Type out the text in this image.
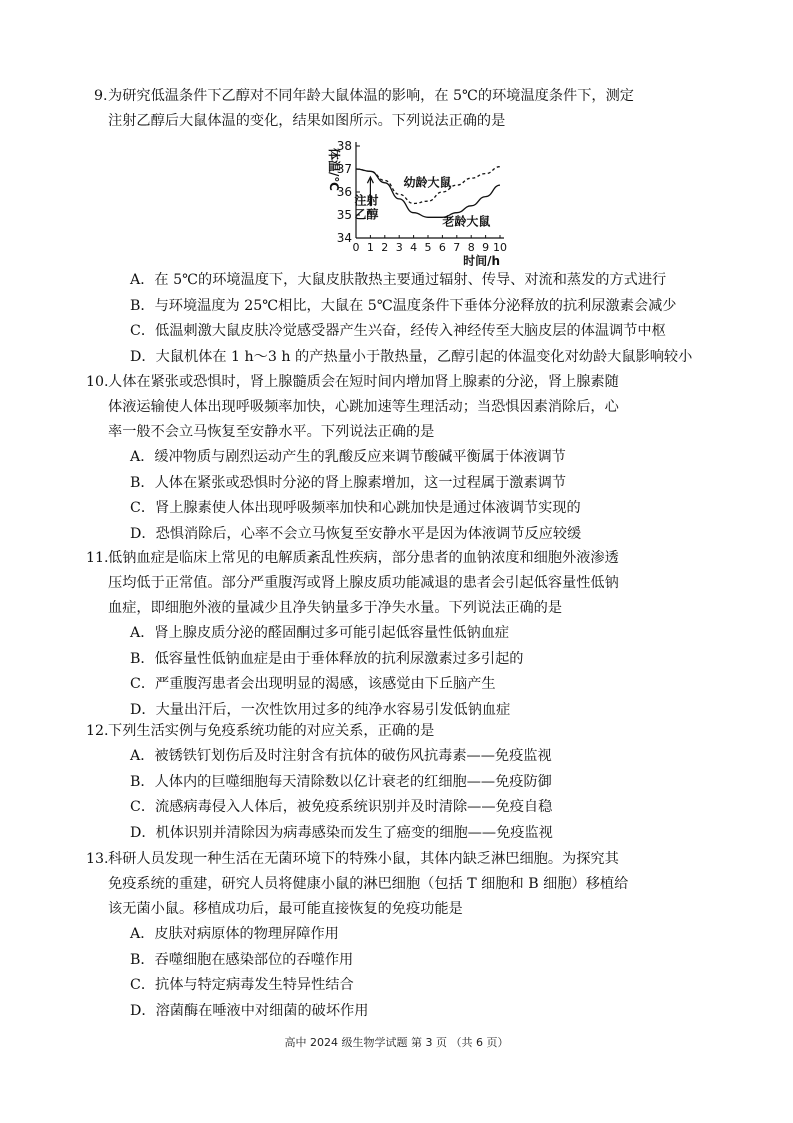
9. 为研究低温条件下乙醇对不同年龄大鼠体温的影响，在 5℃的环境温度条件下，测定
注射乙醇后大鼠体温的变化，结果如图所示。下列说法正确的是
34
35
36
37
38
0 1 2 3 4 5 6 7 8 9 10
幼龄大鼠
老龄大鼠
注射
乙醇
体温/℃
时间/h
A．在 5℃的环境温度下，大鼠皮肤散热主要通过辐射、传导、对流和蒸发的方式进行
B．与环境温度为 25℃相比，大鼠在 5℃温度条件下垂体分泌释放的抗利尿激素会减少
C．低温刺激大鼠皮肤冷觉感受器产生兴奋，经传入神经传至大脑皮层的体温调节中枢
D．大鼠机体在 1 h～3 h 的产热量小于散热量，乙醇引起的体温变化对幼龄大鼠影响较小
10. 人体在紧张或恐惧时，肾上腺髓质会在短时间内增加肾上腺素的分泌，肾上腺素随
体液运输使人体出现呼吸频率加快，心跳加速等生理活动；当恐惧因素消除后，心
率一般不会立马恢复至安静水平。下列说法正确的是
A．缓冲物质与剧烈运动产生的乳酸反应来调节酸碱平衡属于体液调节
B．人体在紧张或恐惧时分泌的肾上腺素增加，这一过程属于激素调节
C．肾上腺素使人体出现呼吸频率加快和心跳加快是通过体液调节实现的
D．恐惧消除后，心率不会立马恢复至安静水平是因为体液调节反应较缓
11. 低钠血症是临床上常见的电解质紊乱性疾病，部分患者的血钠浓度和细胞外液渗透
压均低于正常值。部分严重腹泻或肾上腺皮质功能减退的患者会引起低容量性低钠
血症，即细胞外液的量减少且净失钠量多于净失水量。下列说法正确的是
A．肾上腺皮质分泌的醛固酮过多可能引起低容量性低钠血症
B．低容量性低钠血症是由于垂体释放的抗利尿激素过多引起的
C．严重腹泻患者会出现明显的渴感，该感觉由下丘脑产生
D．大量出汗后，一次性饮用过多的纯净水容易引发低钠血症
12. 下列生活实例与免疫系统功能的对应关系，正确的是
A．被锈铁钉划伤后及时注射含有抗体的破伤风抗毒素——免疫监视
B．人体内的巨噬细胞每天清除数以亿计衰老的红细胞——免疫防御
C．流感病毒侵入人体后，被免疫系统识别并及时清除——免疫自稳
D．机体识别并清除因为病毒感染而发生了癌变的细胞——免疫监视
13. 科研人员发现一种生活在无菌环境下的特殊小鼠，其体内缺乏淋巴细胞。为探究其
免疫系统的重建，研究人员将健康小鼠的淋巴细胞（包括 T 细胞和 B 细胞）移植给
该无菌小鼠。移植成功后，最可能直接恢复的免疫功能是
A．皮肤对病原体的物理屏障作用
B．吞噬细胞在感染部位的吞噬作用
C．抗体与特定病毒发生特异性结合
D．溶菌酶在唾液中对细菌的破坏作用
高中 2024 级生物学试题 第 3 页 （共 6 页）
